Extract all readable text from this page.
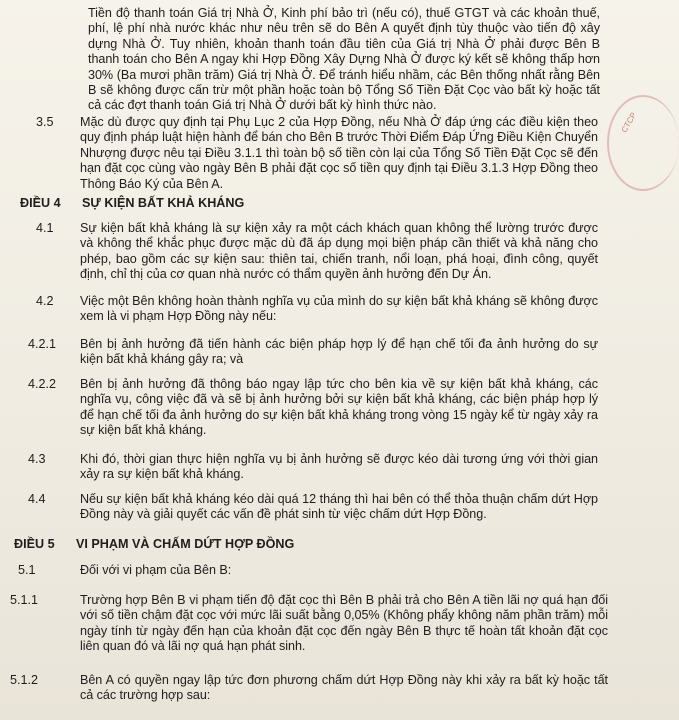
Tiền độ thanh toán Giá trị Nhà Ở, Kinh phí bảo trì (nếu có), thuế GTGT và các khoản thuế, phí, lệ phí nhà nước khác như nêu trên sẽ do Bên A quyết định tùy thuộc vào tiến độ xây dựng Nhà Ở. Tuy nhiên, khoản thanh toán đầu tiên của Giá trị Nhà Ở phải được Bên B thanh toán cho Bên A ngay khi Hợp Đồng Xây Dựng Nhà Ở được ký kết sẽ không thấp hơn 30% (Ba mươi phần trăm) Giá trị Nhà Ở. Để tránh hiểu nhầm, các Bên thống nhất rằng Bên B sẽ không được cấn trừ một phần hoặc toàn bộ Tổng Số Tiền Đặt Cọc vào bất kỳ hoặc tất cả các đợt thanh toán Giá trị Nhà Ở dưới bất kỳ hình thức nào.
3.5 Mặc dù được quy định tại Phụ Lục 2 của Hợp Đồng, nếu Nhà Ở đáp ứng các điều kiện theo quy định pháp luật hiện hành để bán cho Bên B trước Thời Điểm Đáp Ứng Điều Kiện Chuyển Nhượng được nêu tại Điều 3.1.1 thì toàn bộ số tiền còn lại của Tổng Số Tiền Đặt Cọc sẽ đến hạn đặt cọc cùng vào ngày Bên B phải đặt cọc số tiền quy định tại Điều 3.1.3 Hợp Đồng theo Thông Báo Ký của Bên A.
ĐIỀU 4 SỰ KIỆN BẤT KHẢ KHÁNG
4.1 Sự kiện bất khả kháng là sự kiện xảy ra một cách khách quan không thể lường trước được và không thể khắc phục được mặc dù đã áp dụng mọi biện pháp cần thiết và khả năng cho phép, bao gồm các sự kiện sau: thiên tai, chiến tranh, nổi loạn, phá hoại, đình công, quyết định, chỉ thị của cơ quan nhà nước có thẩm quyền ảnh hưởng đến Dự Án.
4.2 Việc một Bên không hoàn thành nghĩa vụ của mình do sự kiện bất khả kháng sẽ không được xem là vi phạm Hợp Đồng này nếu:
4.2.1 Bên bị ảnh hưởng đã tiến hành các biện pháp hợp lý để hạn chế tối đa ảnh hưởng do sự kiện bất khả kháng gây ra; và
4.2.2 Bên bị ảnh hưởng đã thông báo ngay lập tức cho bên kia về sự kiện bất khả kháng, các nghĩa vụ, công việc đã và sẽ bị ảnh hưởng bởi sự kiện bất khả kháng, các biện pháp hợp lý để hạn chế tối đa ảnh hưởng do sự kiện bất khả kháng trong vòng 15 ngày kể từ ngày xảy ra sự kiện bất khả kháng.
4.3	Khi đó, thời gian thực hiện nghĩa vụ bị ảnh hưởng sẽ được kéo dài tương ứng với thời gian xảy ra sự kiện bất khả kháng.
4.4	Nếu sự kiện bất khả kháng kéo dài quá 12 tháng thì hai bên có thể thỏa thuận chấm dứt Hợp Đồng này và giải quyết các vấn đề phát sinh từ việc chấm dứt Hợp Đồng.
ĐIỀU 5 VI PHẠM VÀ CHẤM DỨT HỢP ĐỒNG
5.1	Đối với vi phạm của Bên B:
5.1.1	Trường hợp Bên B vi phạm tiến độ đặt cọc thì Bên B phải trả cho Bên A tiền lãi nợ quá hạn đối với số tiền chậm đặt cọc với mức lãi suất bằng 0,05% (Không phẩy không năm phần trăm) mỗi ngày tính từ ngày đến hạn của khoản đặt cọc đến ngày Bên B thực tế hoàn tất khoản đặt cọc liên quan đó và lãi nợ quá hạn phát sinh.
5.1.2	Bên A có quyền ngay lập tức đơn phương chấm dứt Hợp Đồng này khi xảy ra bất kỳ hoặc tất cả các trường hợp sau:
CTCP
